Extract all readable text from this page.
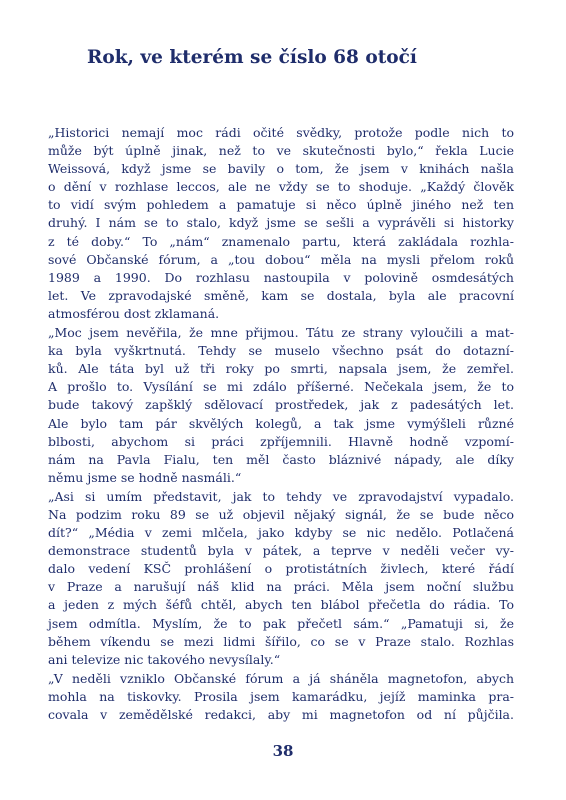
Rok, ve kterém se číslo 68 otočí
„Historici nemají moc rádi očité svědky, protože podle nich to
může být úplně jinak, než to ve skutečnosti bylo,“ řekla Lucie
Weissová, když jsme se bavily o tom, že jsem v knihách našla
o dění v rozhlase leccos, ale ne vždy se to shoduje. „Každý člověk
to vidí svým pohledem a pamatuje si něco úplně jiného než ten
druhý. I nám se to stalo, když jsme se sešli a vyprávěli si historky
z té doby.“ To „nám“ znamenalo partu, která zakládala rozhla-
sové Občanské fórum, a „tou dobou“ měla na mysli přelom roků
1989 a 1990. Do rozhlasu nastoupila v polovině osmdesátých
let. Ve zpravodajské směně, kam se dostala, byla ale pracovní
atmosférou dost zklamaná.
„Moc jsem nevěřila, že mne přijmou. Tátu ze strany vyloučili a mat-
ka byla vyškrtnutá. Tehdy se muselo všechno psát do dotazní-
ků. Ale táta byl už tři roky po smrti, napsala jsem, že zemřel.
A prošlo to. Vysílání se mi zdálo příšerné. Nečekala jsem, že to
bude takový zapšklý sdělovací prostředek, jak z padesátých let.
Ale bylo tam pár skvělých kolegů, a tak jsme vymýšleli různé
blbosti, abychom si práci zpříjemnili. Hlavně hodně vzpomí-
nám na Pavla Fialu, ten měl často bláznivé nápady, ale díky
němu jsme se hodně nasmáli.“
„Asi si umím představit, jak to tehdy ve zpravodajství vypadalo.
Na podzim roku 89 se už objevil nějaký signál, že se bude něco
dít?“ „Média v zemi mlčela, jako kdyby se nic nedělo. Potlačená
demonstrace studentů byla v pátek, a teprve v neděli večer vy-
dalo vedení KSČ prohlášení o protistátních živlech, které řádí
v Praze a narušují náš klid na práci. Měla jsem noční službu
a jeden z mých šéfů chtěl, abych ten blábol přečetla do rádia. To
jsem odmítla. Myslím, že to pak přečetl sám.“ „Pamatuji si, že
během víkendu se mezi lidmi šířilo, co se v Praze stalo. Rozhlas
ani televize nic takového nevysílaly.“
„V neděli vzniklo Občanské fórum a já sháněla magnetofon, abych
mohla na tiskovky. Prosila jsem kamarádku, jejíž maminka pra-
covala v zemědělské redakci, aby mi magnetofon od ní půjčila.
38
